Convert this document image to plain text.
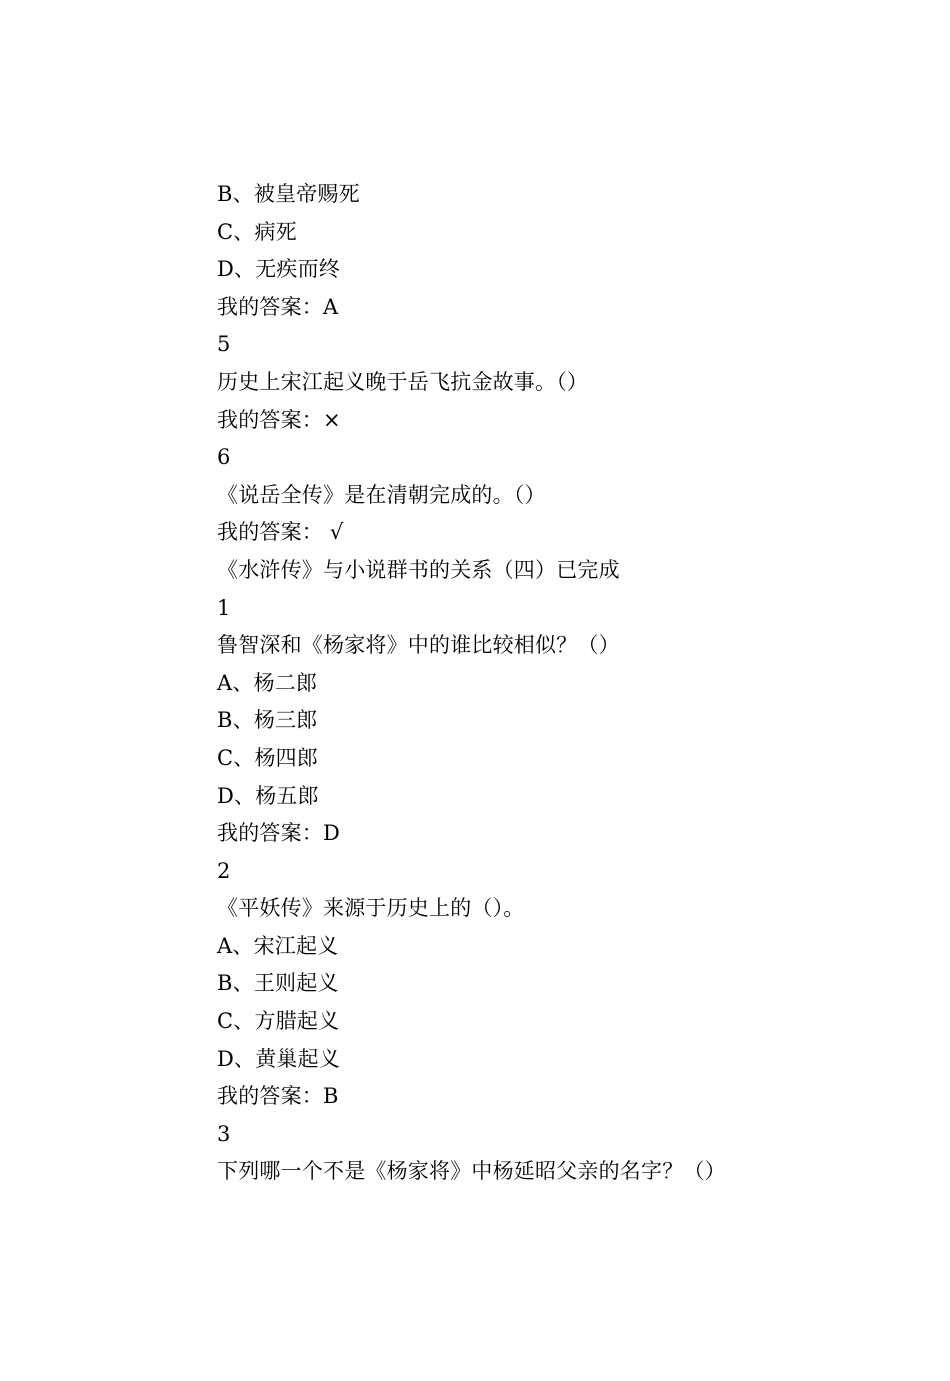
B、被皇帝赐死
C、病死
D、无疾而终
我的答案：A
5
历史上宋江起义晚于岳飞抗金故事。（）
我的答案：×
6
《说岳全传》是在清朝完成的。（）
我的答案： √
《水浒传》与小说群书的关系（四）已完成
1
鲁智深和《杨家将》中的谁比较相似？（）
A、杨二郎
B、杨三郎
C、杨四郎
D、杨五郎
我的答案：D
2
《平妖传》来源于历史上的（）。
A、宋江起义
B、王则起义
C、方腊起义
D、黄巢起义
我的答案：B
3
下列哪一个不是《杨家将》中杨延昭父亲的名字？（）
